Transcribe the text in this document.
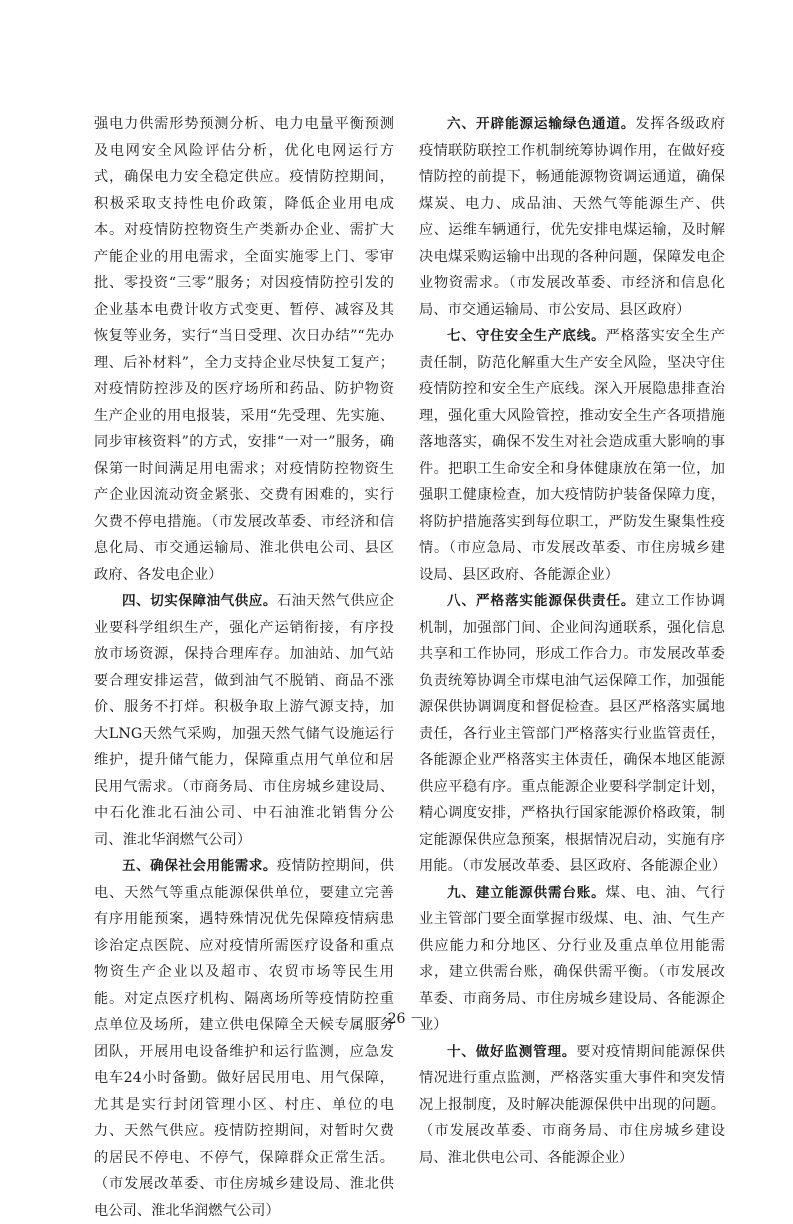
强电力供需形势预测分析、电力电量平衡预测及电网安全风险评估分析，优化电网运行方式，确保电力安全稳定供应。疫情防控期间，积极采取支持性电价政策，降低企业用电成本。对疫情防控物资生产类新办企业、需扩大产能企业的用电需求，全面实施零上门、零审批、零投资“三零”服务；对因疫情防控引发的企业基本电费计收方式变更、暂停、减容及其恢复等业务，实行“当日受理、次日办结”“先办理、后补材料”，全力支持企业尽快复工复产；对疫情防控涉及的医疗场所和药品、防护物资生产企业的用电报装，采用“先受理、先实施、同步审核资料”的方式，安排“一对一”服务，确保第一时间满足用电需求；对疫情防控物资生产企业因流动资金紧张、交费有困难的，实行欠费不停电措施。（市发展改革委、市经济和信息化局、市交通运输局、淮北供电公司、县区政府、各发电企业）

四、切实保障油气供应。石油天然气供应企业要科学组织生产，强化产运销衔接，有序投放市场资源，保持合理库存。加油站、加气站要合理安排运营，做到油气不脱销、商品不涨价、服务不打烊。积极争取上游气源支持，加大LNG天然气采购，加强天然气储气设施运行维护，提升储气能力，保障重点用气单位和居民用气需求。（市商务局、市住房城乡建设局、中石化淮北石油公司、中石油淮北销售分公司、淮北华润燃气公司）

五、确保社会用能需求。疫情防控期间，供电、天然气等重点能源保供单位，要建立完善有序用能预案，遇特殊情况优先保障疫情病患诊治定点医院、应对疫情所需医疗设备和重点物资生产企业以及超市、农贸市场等民生用能。对定点医疗机构、隔离场所等疫情防控重点单位及场所，建立供电保障全天候专属服务团队，开展用电设备维护和运行监测，应急发电车24小时备勤。做好居民用电、用气保障，尤其是实行封闭管理小区、村庄、单位的电力、天然气供应。疫情防控期间，对暂时欠费的居民不停电、不停气，保障群众正常生活。（市发展改革委、市住房城乡建设局、淮北供电公司、淮北华润燃气公司）

六、开辟能源运输绿色通道。发挥各级政府疫情联防联控工作机制统筹协调作用，在做好疫情防控的前提下，畅通能源物资调运通道，确保煤炭、电力、成品油、天然气等能源生产、供应、运维车辆通行，优先安排电煤运输，及时解决电煤采购运输中出现的各种问题，保障发电企业物资需求。（市发展改革委、市经济和信息化局、市交通运输局、市公安局、县区政府）

七、守住安全生产底线。严格落实安全生产责任制，防范化解重大生产安全风险，坚决守住疫情防控和安全生产底线。深入开展隐患排查治理，强化重大风险管控，推动安全生产各项措施落地落实，确保不发生对社会造成重大影响的事件。把职工生命安全和身体健康放在第一位，加强职工健康检查，加大疫情防护装备保障力度，将防护措施落实到每位职工，严防发生聚集性疫情。（市应急局、市发展改革委、市住房城乡建设局、县区政府、各能源企业）

八、严格落实能源保供责任。建立工作协调机制，加强部门间、企业间沟通联系，强化信息共享和工作协同，形成工作合力。市发展改革委负责统筹协调全市煤电油气运保障工作，加强能源保供协调调度和督促检查。县区严格落实属地责任，各行业主管部门严格落实行业监管责任，各能源企业严格落实主体责任，确保本地区能源供应平稳有序。重点能源企业要科学制定计划，精心调度安排，严格执行国家能源价格政策，制定能源保供应急预案，根据情况启动，实施有序用能。（市发展改革委、县区政府、各能源企业）

九、建立能源供需台账。煤、电、油、气行业主管部门要全面掌握市级煤、电、油、气生产供应能力和分地区、分行业及重点单位用能需求，建立供需台账，确保供需平衡。（市发展改革委、市商务局、市住房城乡建设局、各能源企业）

十、做好监测管理。要对疫情期间能源保供情况进行重点监测，严格落实重大事件和突发情况上报制度，及时解决能源保供中出现的问题。（市发展改革委、市商务局、市住房城乡建设局、淮北供电公司、各能源企业）

－ 26 －
